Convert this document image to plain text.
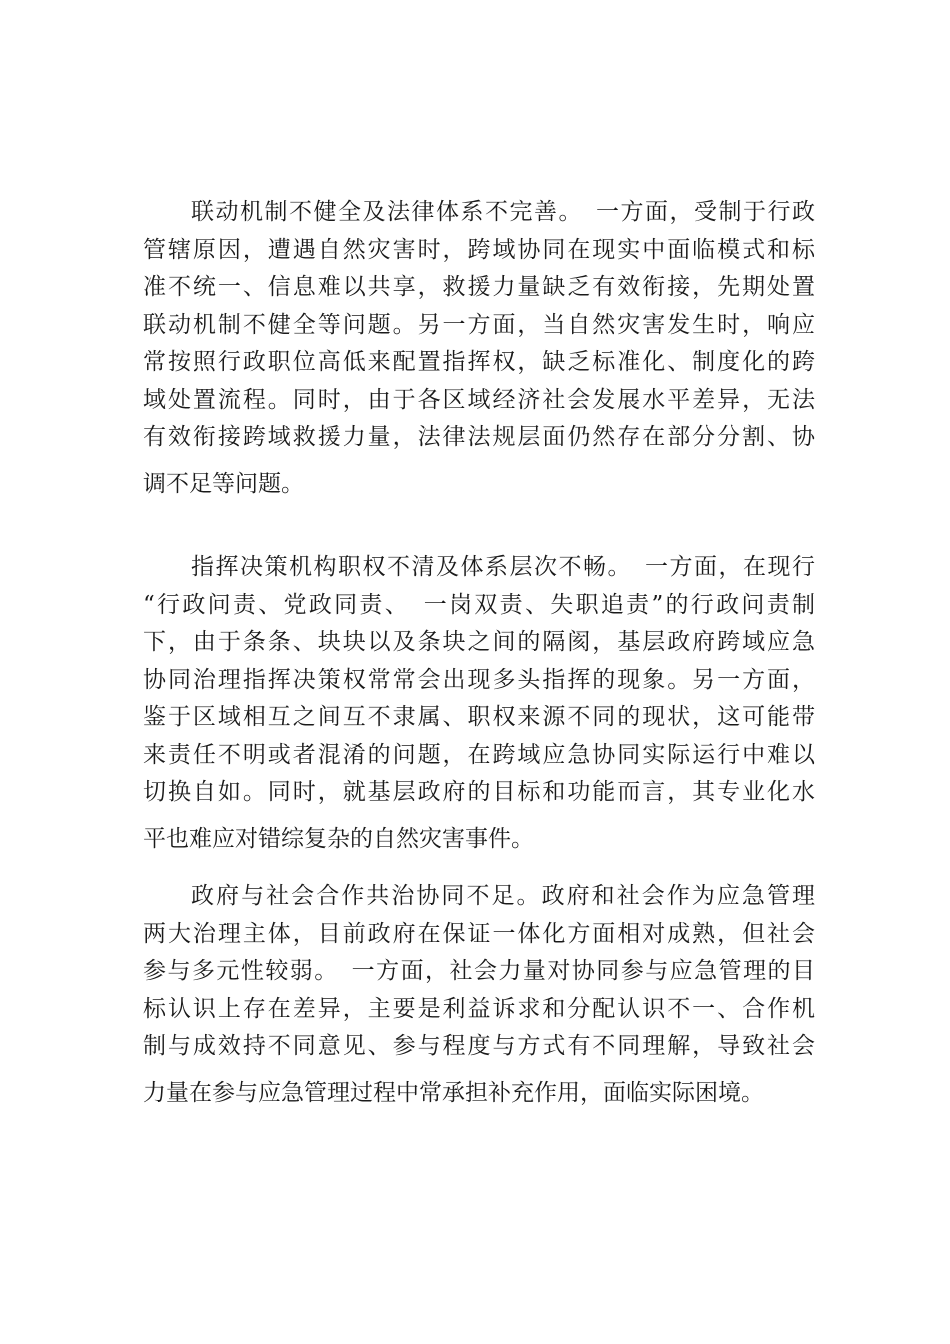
联动机制不健全及法律体系不完善。　一方面，受制于行政
管辖原因，遭遇自然灾害时，跨域协同在现实中面临模式和标
准不统一、信息难以共享，救援力量缺乏有效衔接，先期处置
联动机制不健全等问题。另一方面，当自然灾害发生时，响应
常按照行政职位高低来配置指挥权，缺乏标准化、制度化的跨
域处置流程。同时，由于各区域经济社会发展水平差异，无法
有效衔接跨域救援力量，法律法规层面仍然存在部分分割、协
调不足等问题。
指挥决策机构职权不清及体系层次不畅。　一方面，在现行
“行政问责、党政同责、　一岗双责、失职追责”的行政问责制
下，由于条条、块块以及条块之间的隔阂，基层政府跨域应急
协同治理指挥决策权常常会出现多头指挥的现象。另一方面，
鉴于区域相互之间互不隶属、职权来源不同的现状，这可能带
来责任不明或者混淆的问题，在跨域应急协同实际运行中难以
切换自如。同时，就基层政府的目标和功能而言，其专业化水
平也难应对错综复杂的自然灾害事件。
政府与社会合作共治协同不足。政府和社会作为应急管理
两大治理主体，目前政府在保证一体化方面相对成熟，但社会
参与多元性较弱。　一方面，社会力量对协同参与应急管理的目
标认识上存在差异，主要是利益诉求和分配认识不一、合作机
制与成效持不同意见、参与程度与方式有不同理解，导致社会
力量在参与应急管理过程中常承担补充作用，面临实际困境。
